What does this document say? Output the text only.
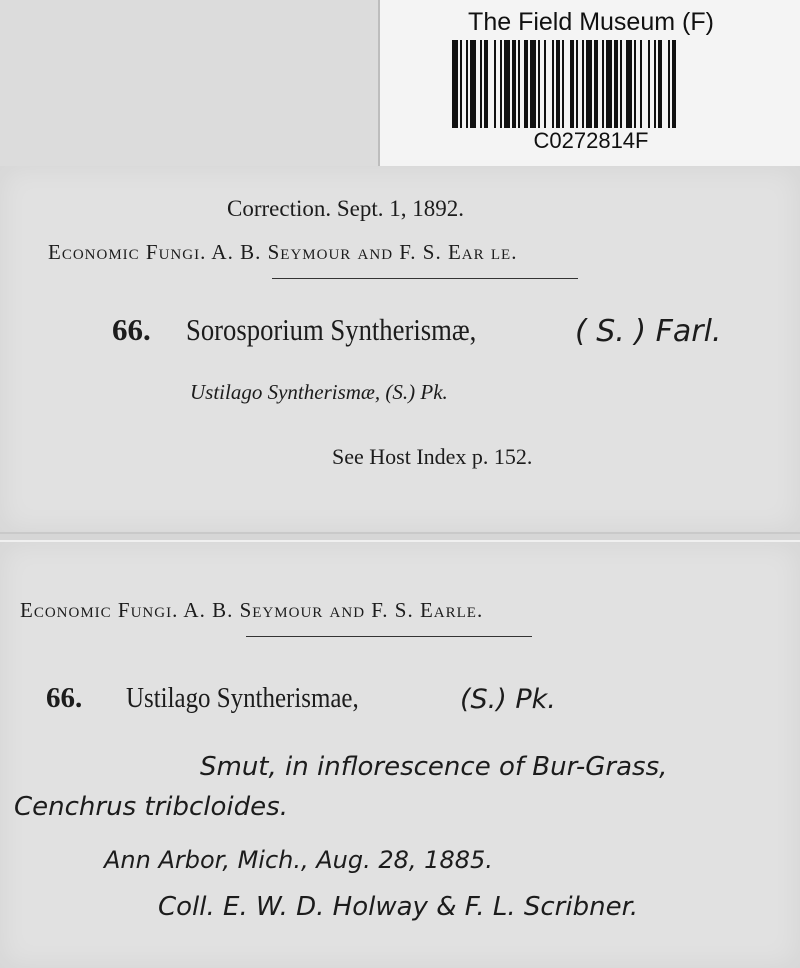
The Field Museum (F)
C0272814F
Correction. Sept. 1, 1892.
Economic Fungi. A. B. Seymour and F. S. Ear le.
66. Sorosporium Syntherismæ,	( S. ) Farl.
Ustilago Syntherismæ, (S.) Pk.
See Host Index p. 152.
Economic Fungi. A. B. Seymour and F. S. Earle.
66. Ustilago Syntherismae,	(S.) Pk.
Smut, in inflorescence of Bur-Grass,
Cenchrus tribcloides.
Ann Arbor, Mich., Aug. 28, 1885.
Coll. E. W. D. Holway & F. L. Scribner.
